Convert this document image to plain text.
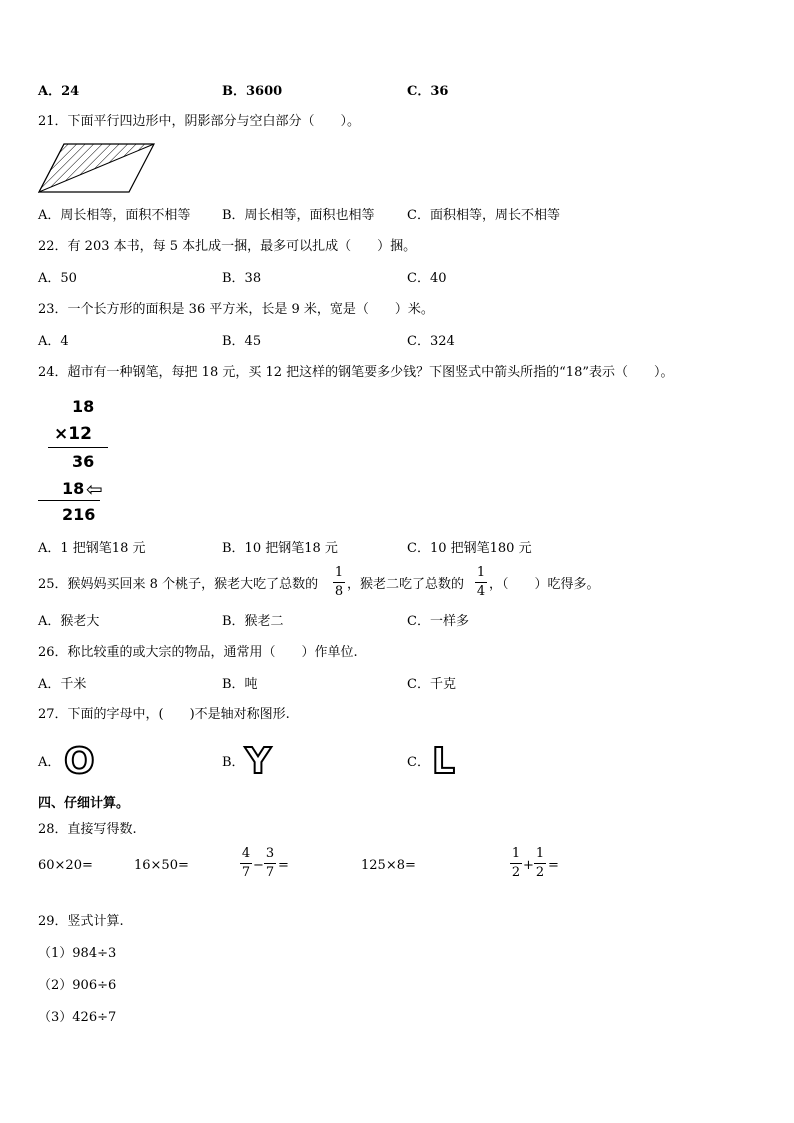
A．24	B．3600	C．36
21．下面平行四边形中，阴影部分与空白部分（　　）。
A．周长相等，面积不相等 B．周长相等，面积也相等 C．面积相等，周长不相等
22．有 203 本书，每 5 本扎成一捆，最多可以扎成（　　）捆。
A．50	B．38	C．40
23．一个长方形的面积是 36 平方米，长是 9 米，宽是（　　）米。
A．4	B．45	C．324
24．超市有一种钢笔，每把 18 元，买 12 把这样的钢笔要多少钱？下图竖式中箭头所指的“18”表示（　　）。
18
×12
36
18 ⇦
216
A．1 把钢笔18 元	B．10 把钢笔18 元	C．10 把钢笔180 元
25．猴妈妈买回来 8 个桃子，猴老大吃了总数的
1
8 ，猴老二吃了总数的
1
4 ，（　　）吃得多。
A．猴老大	B．猴老二	C．一样多
26．称比较重的或大宗的物品，通常用（　　）作单位.
A．千米	B．吨	C．千克
27．下面的字母中，(　　)不是轴对称图形.
A． O	B． Y	C． L
四、仔细计算。
28．直接写得数.
60×20=	16×50=
4
7 −
3
7 =	125×8=
1
2 +
1
2 =
29．竖式计算.
（1）984÷3
（2）906÷6
（3）426÷7
